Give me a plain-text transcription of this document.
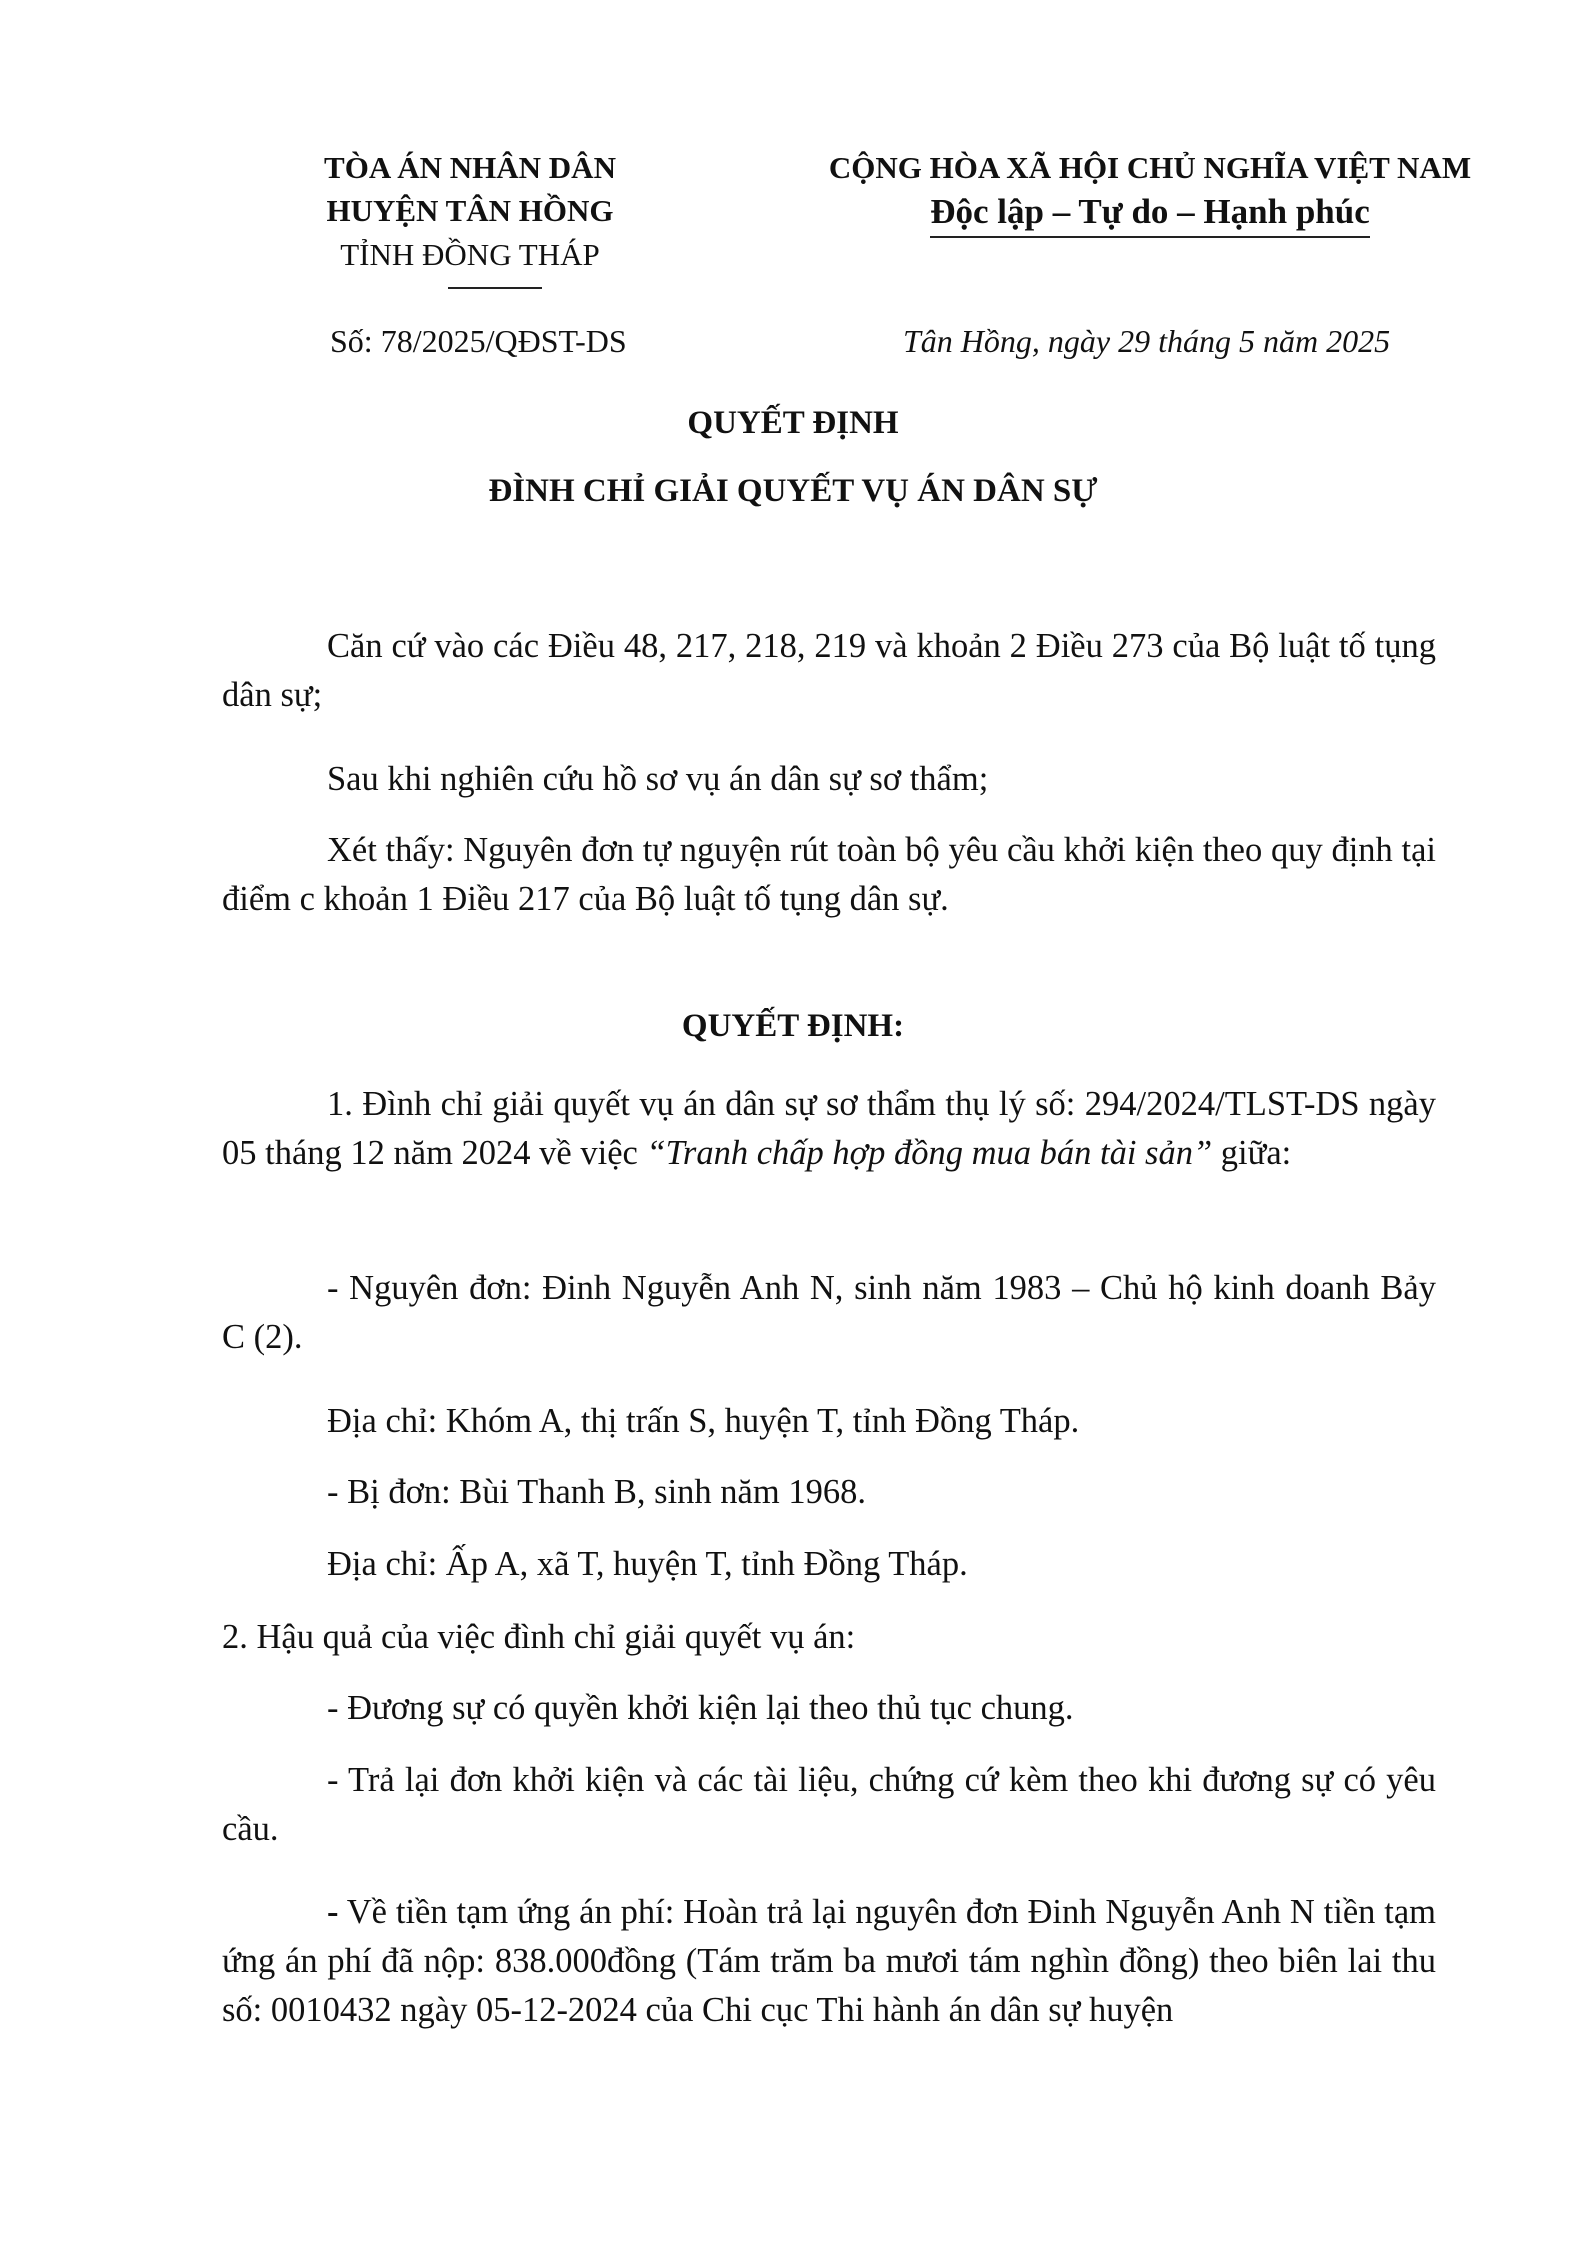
TÒA ÁN NHÂN DÂN
HUYỆN TÂN HỒNG
TỈNH ĐỒNG THÁP
CỘNG HÒA XÃ HỘI CHỦ NGHĨA VIỆT NAM
Độc lập – Tự do – Hạnh phúc
Số: 78/2025/QĐST-DS	Tân Hồng, ngày 29 tháng 5 năm 2025
QUYẾT ĐỊNH
ĐÌNH CHỈ GIẢI QUYẾT VỤ ÁN DÂN SỰ

Căn cứ vào các Điều 48, 217, 218, 219 và khoản 2 Điều 273 của Bộ luật tố tụng dân sự;

Sau khi nghiên cứu hồ sơ vụ án dân sự sơ thẩm;

Xét thấy: Nguyên đơn tự nguyện rút toàn bộ yêu cầu khởi kiện theo quy định tại điểm c khoản 1 Điều 217 của Bộ luật tố tụng dân sự.

QUYẾT ĐỊNH:

1. Đình chỉ giải quyết vụ án dân sự sơ thẩm thụ lý số: 294/2024/TLST-DS ngày 05 tháng 12 năm 2024 về việc “Tranh chấp hợp đồng mua bán tài sản” giữa:

- Nguyên đơn: Đinh Nguyễn Anh N, sinh năm 1983 – Chủ hộ kinh doanh Bảy C (2).

Địa chỉ: Khóm A, thị trấn S, huyện T, tỉnh Đồng Tháp.

- Bị đơn: Bùi Thanh B, sinh năm 1968.

Địa chỉ: Ấp A, xã T, huyện T, tỉnh Đồng Tháp.

2. Hậu quả của việc đình chỉ giải quyết vụ án:

- Đương sự có quyền khởi kiện lại theo thủ tục chung.

- Trả lại đơn khởi kiện và các tài liệu, chứng cứ kèm theo khi đương sự có yêu cầu.

- Về tiền tạm ứng án phí: Hoàn trả lại nguyên đơn Đinh Nguyễn Anh N tiền tạm ứng án phí đã nộp: 838.000đồng (Tám trăm ba mươi tám nghìn đồng) theo biên lai thu số: 0010432 ngày 05-12-2024 của Chi cục Thi hành án dân sự huyện
